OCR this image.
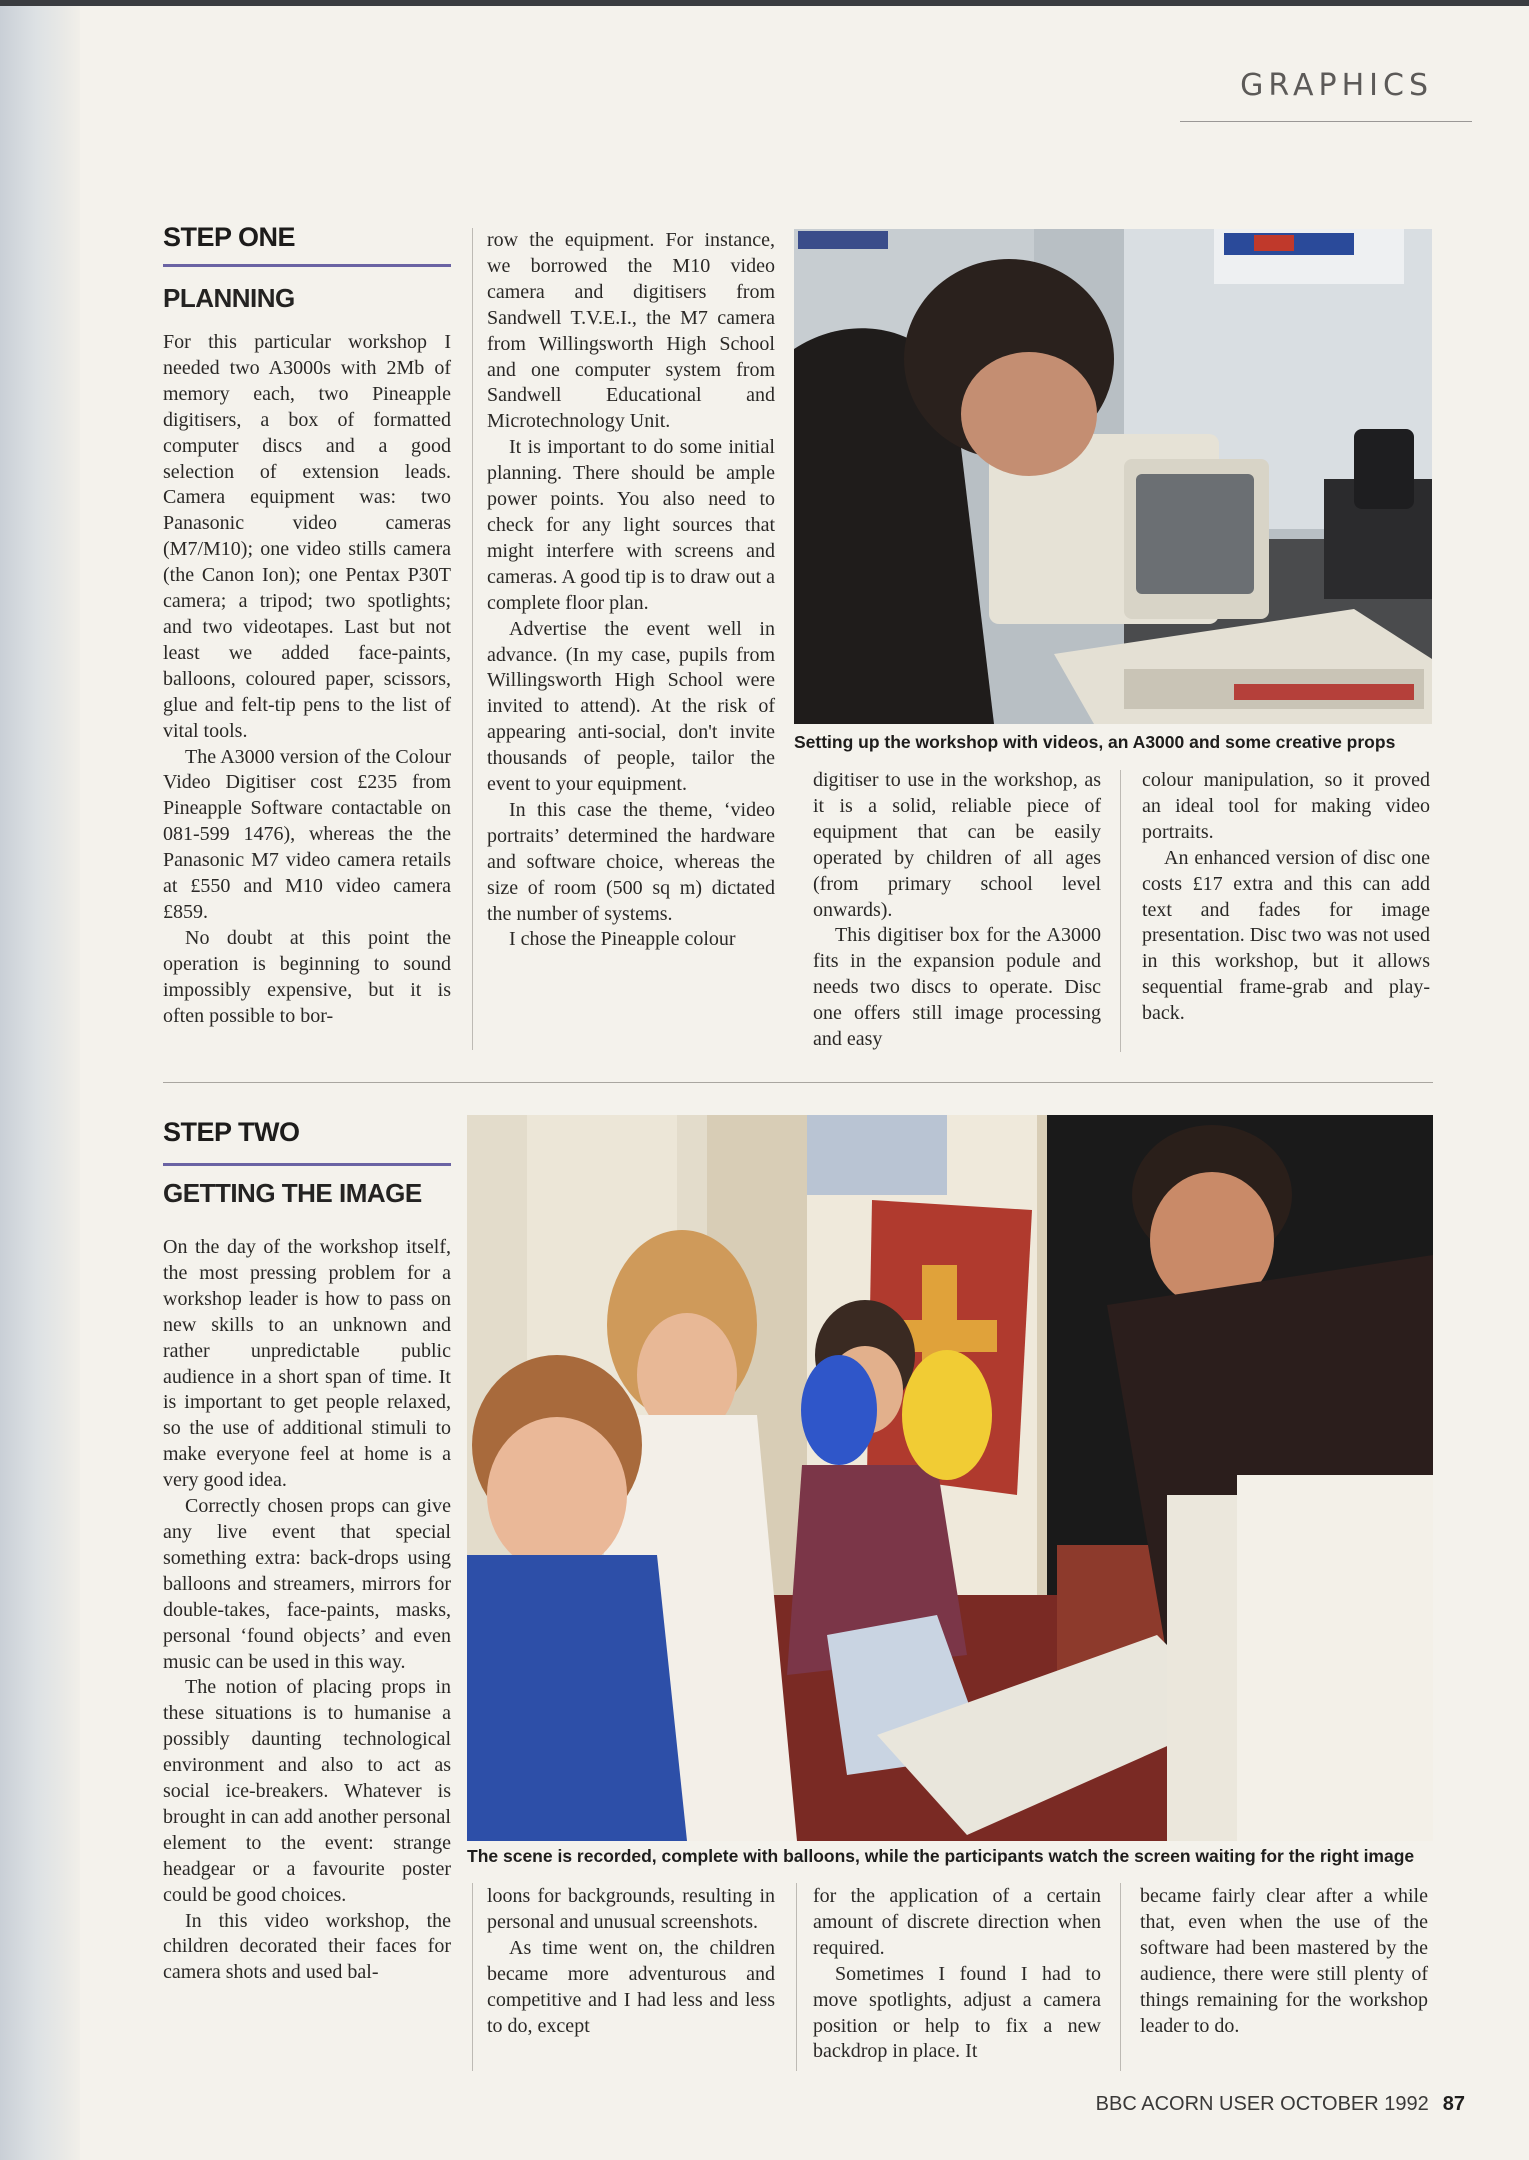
GRAPHICS
STEP ONE
PLANNING

For this particular workshop I needed two A3000s with 2Mb of memory each, two Pineapple digitisers, a box of formatted computer discs and a good selection of extension leads. Camera equipment was: two Panasonic video cameras (M7/M10); one video stills camera (the Canon Ion); one Pentax P30T camera; a tripod; two spotlights; and two videotapes. Last but not least we added face-paints, balloons, coloured paper, scissors, glue and felt-tip pens to the list of vital tools.

The A3000 version of the Colour Video Digitiser cost £235 from Pineapple Software contactable on 081-599 1476), whereas the the Panasonic M7 video camera retails at £550 and M10 video camera £859.

No doubt at this point the operation is beginning to sound impossibly expensive, but it is often possible to bor-

row the equipment. For instance, we borrowed the M10 video camera and digitisers from Sandwell T.V.E.I., the M7 camera from Willingsworth High School and one computer system from Sandwell Educational and Microtechnology Unit.

It is important to do some initial planning. There should be ample power points. You also need to check for any light sources that might interfere with screens and cameras. A good tip is to draw out a complete floor plan.

Advertise the event well in advance. (In my case, pupils from Willingsworth High School were invited to attend). At the risk of appearing anti-social, don't invite thousands of people, tailor the event to your equipment.

In this case the theme, ‘video portraits’ determined the hardware and software choice, whereas the size of room (500 sq m) dictated the number of systems.

I chose the Pineapple colour

Setting up the workshop with videos, an A3000 and some creative props

digitiser to use in the workshop, as it is a solid, reliable piece of equipment that can be easily operated by children of all ages (from primary school level onwards).

This digitiser box for the A3000 fits in the expansion podule and needs two discs to operate. Disc one offers still image processing and easy

colour manipulation, so it proved an ideal tool for making video portraits.

An enhanced version of disc one costs £17 extra and this can add text and fades for image presentation. Disc two was not used in this workshop, but it allows sequential frame-grab and play-back.

STEP TWO
GETTING THE IMAGE

On the day of the workshop itself, the most pressing problem for a workshop leader is how to pass on new skills to an unknown and rather unpredictable public audience in a short span of time. It is important to get people relaxed, so the use of additional stimuli to make everyone feel at home is a very good idea.

Correctly chosen props can give any live event that special something extra: back-drops using balloons and streamers, mirrors for double-takes, face-paints, masks, personal ‘found objects’ and even music can be used in this way.

The notion of placing props in these situations is to humanise a possibly daunting technological environment and also to act as social ice-breakers. Whatever is brought in can add another personal element to the event: strange headgear or a favourite poster could be good choices.

In this video workshop, the children decorated their faces for camera shots and used bal-

The scene is recorded, complete with balloons, while the participants watch the screen waiting for the right image

loons for backgrounds, resulting in personal and unusual screenshots.

As time went on, the children became more adventurous and competitive and I had less and less to do, except

for the application of a certain amount of discrete direction when required.

Sometimes I found I had to move spotlights, adjust a camera position or help to fix a new backdrop in place. It

became fairly clear after a while that, even when the use of the software had been mastered by the audience, there were still plenty of things remaining for the workshop leader to do.

BBC ACORN USER OCTOBER 1992 87
